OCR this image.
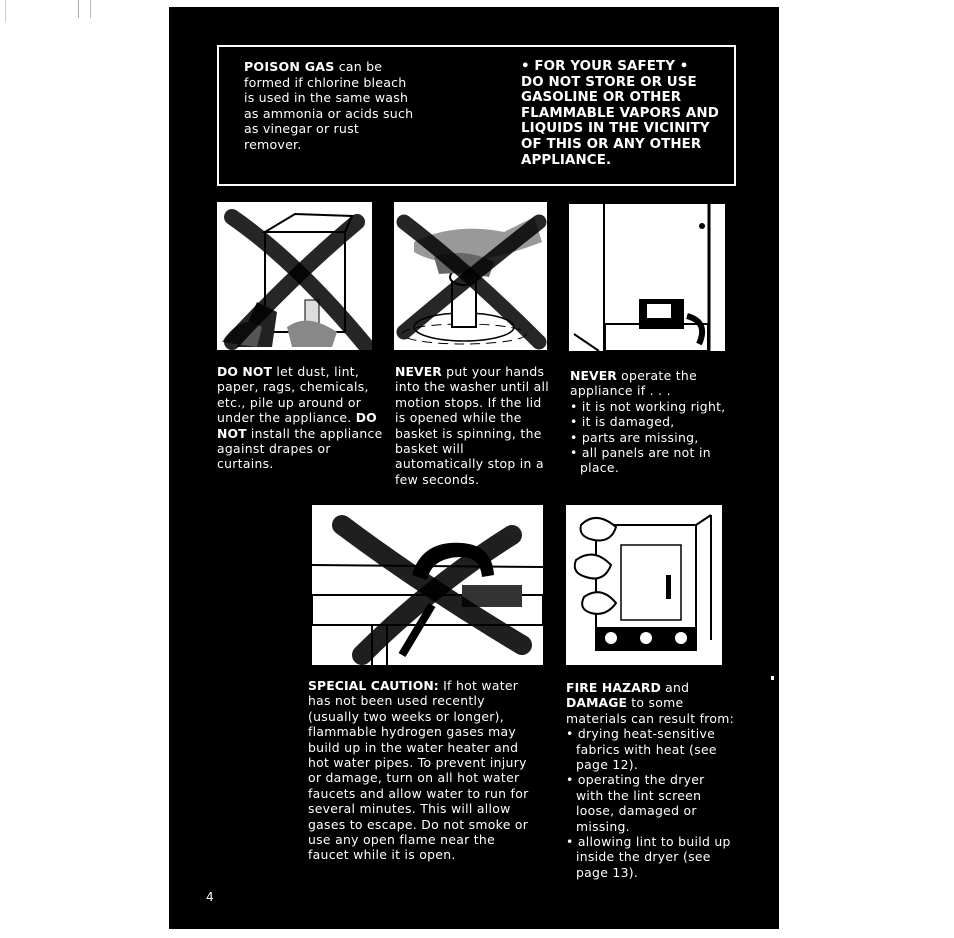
POISON GAS can be formed if chlorine bleach is used in the same wash as ammonia or acids such as vinegar or rust remover.
• FOR YOUR SAFETY •
DO NOT STORE OR USE GASOLINE OR OTHER FLAMMABLE VAPORS AND LIQUIDS IN THE VICINITY OF THIS OR ANY OTHER APPLIANCE.
DO NOT let dust, lint, paper, rags, chemicals, etc., pile up around or under the appliance. DO NOT install the appliance against drapes or curtains.
NEVER put your hands into the washer until all motion stops. If the lid is opened while the basket is spinning, the basket will automatically stop in a few seconds.
NEVER operate the appliance if . . .
• it is not working right,
• it is damaged,
• parts are missing,
• all panels are not in place.
SPECIAL CAUTION: If hot water has not been used recently (usually two weeks or longer), flammable hydrogen gases may build up in the water heater and hot water pipes. To prevent injury or damage, turn on all hot water faucets and allow water to run for several minutes. This will allow gases to escape. Do not smoke or use any open flame near the faucet while it is open.
FIRE HAZARD and DAMAGE to some materials can result from:
• drying heat-sensitive fabrics with heat (see page 12).
• operating the dryer with the lint screen loose, damaged or missing.
• allowing lint to build up inside the dryer (see page 13).
4
